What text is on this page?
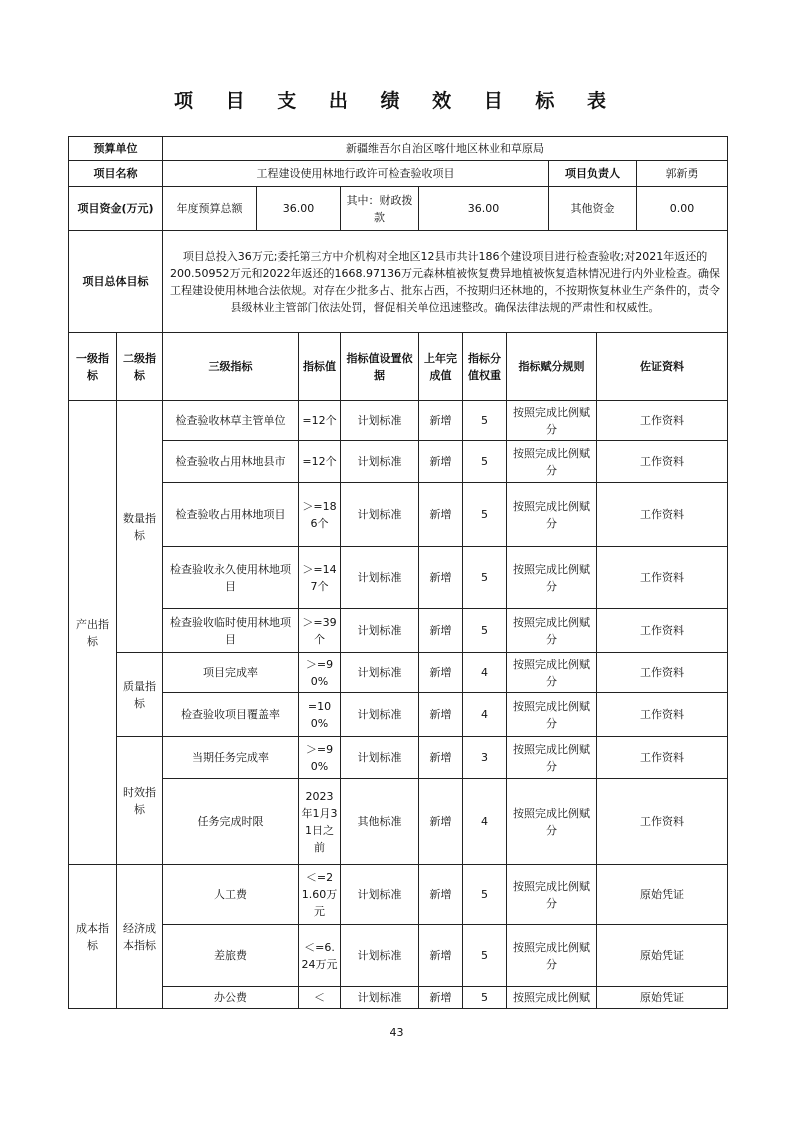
项 目 支 出 绩 效 目 标 表
预算单位		新疆维吾尔自治区喀什地区林业和草原局									
项目名称		工程建设使用林地行政许可检查验收项目							项目负责人		郭新勇
项目资金(万元)		年度预算总额	36.00		其中：财政拨款	36.00			其他资金		0.00
项目总体目标		项目总投入36万元;委托第三方中介机构对全地区12县市共计186个建设项目进行检查验收;对2021年返还的200.50952万元和2022年返还的1668.97136万元森林植被恢复费异地植被恢复造林情况进行内外业检查。确保工程建设使用林地合法依规。对存在少批多占、批东占西，不按期归还林地的，不按期恢复林业生产条件的，责令县级林业主管部门依法处罚，督促相关单位迅速整改。确保法律法规的严肃性和权威性。									
一级指标	二级指标	三级指标		指标值	指标值设置依据	上年完成值	指标分值权重	指标赋分规则		佐证资料	
产出指标	数量指标	检查验收林草主管单位		=12个	计划标准	新增	5	按照完成比例赋分		工作资料	
		检查验收占用林地县市		=12个	计划标准	新增	5	按照完成比例赋分		工作资料	
		检查验收占用林地项目		＞=186个	计划标准	新增	5	按照完成比例赋分		工作资料	
		检查验收永久使用林地项目		＞=147个	计划标准	新增	5	按照完成比例赋分		工作资料	
		检查验收临时使用林地项目		＞=39个	计划标准	新增	5	按照完成比例赋分		工作资料	
	质量指标	项目完成率		＞=90%	计划标准	新增	4	按照完成比例赋分		工作资料	
		检查验收项目覆盖率		=100%	计划标准	新增	4	按照完成比例赋分		工作资料	
	时效指标	当期任务完成率		＞=90%	计划标准	新增	3	按照完成比例赋分		工作资料	
		任务完成时限		2023年1月31日之前	其他标准	新增	4	按照完成比例赋分		工作资料	
成本指标	经济成本指标	人工费		＜=21.60万元	计划标准	新增	5	按照完成比例赋分		原始凭证	
		差旅费		＜=6.24万元	计划标准	新增	5	按照完成比例赋分		原始凭证	
		办公费		＜	计划标准	新增	5	按照完成比例赋		原始凭证	
43
